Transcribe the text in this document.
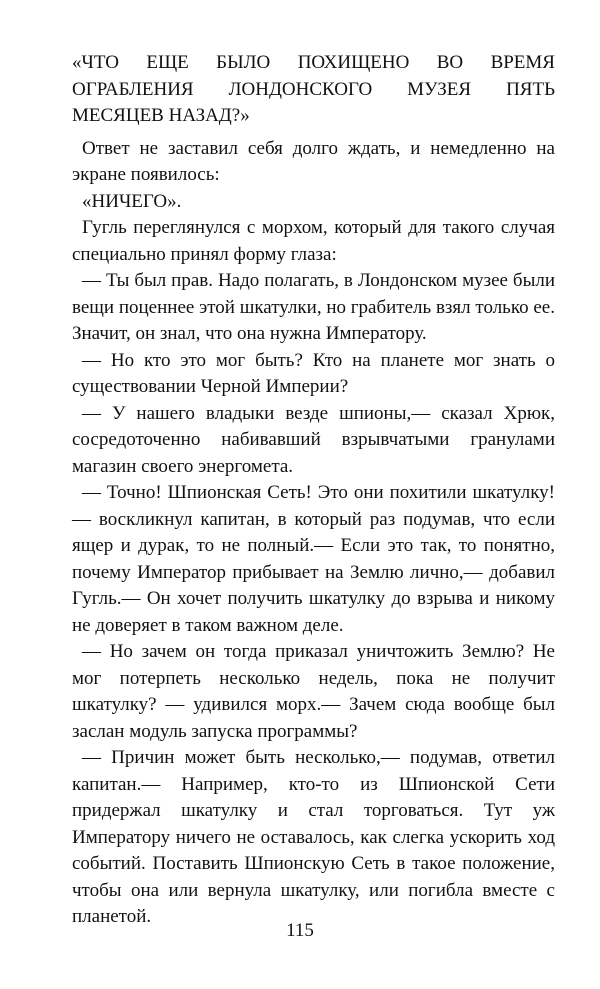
«ЧТО ЕЩЕ БЫЛО ПОХИЩЕНО ВО ВРЕМЯ ОГРАБЛЕНИЯ ЛОНДОНСКОГО МУЗЕЯ ПЯТЬ МЕСЯЦЕВ НАЗАД?»
Ответ не заставил себя долго ждать, и немедленно на экране появилось:
«НИЧЕГО».
Гугль переглянулся с морхом, который для такого случая специально принял форму глаза:
— Ты был прав. Надо полагать, в Лондонском музее были вещи поценнее этой шкатулки, но грабитель взял только ее. Значит, он знал, что она нужна Императору.
— Но кто это мог быть? Кто на планете мог знать о существовании Черной Империи?
— У нашего владыки везде шпионы,— сказал Хрюк, сосредоточенно набивавший взрывчатыми гранулами магазин своего энергомета.
— Точно! Шпионская Сеть! Это они похитили шкатулку! — воскликнул капитан, в который раз подумав, что если ящер и дурак, то не полный.— Если это так, то понятно, почему Император прибывает на Землю лично,— добавил Гугль.— Он хочет получить шкатулку до взрыва и никому не доверяет в таком важном деле.
— Но зачем он тогда приказал уничтожить Землю? Не мог потерпеть несколько недель, пока не получит шкатулку? — удивился морх.— Зачем сюда вообще был заслан модуль запуска программы?
— Причин может быть несколько,— подумав, ответил капитан.— Например, кто-то из Шпионской Сети придержал шкатулку и стал торговаться. Тут уж Императору ничего не оставалось, как слегка ускорить ход событий. Поставить Шпионскую Сеть в такое положение, чтобы она или вернула шкатулку, или погибла вместе с планетой.
115
